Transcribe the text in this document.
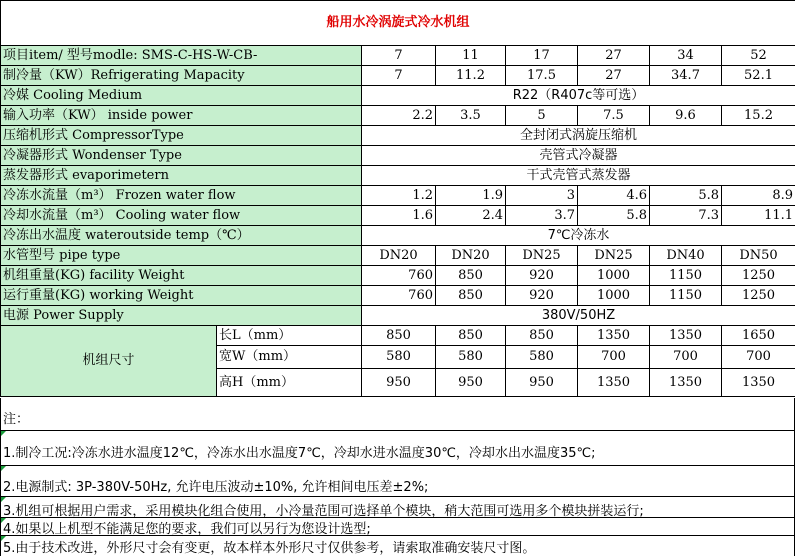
船用水冷涡旋式冷水机组							
项目item/ 型号modle: SMS-C-HS-W-CB-		7	11	17	27	34	52
制冷量（KW）Refrigerating Mapacity		7	11.2	17.5	27	34.7	52.1
冷媒 Cooling Medium		R22（R407c等可选）					
输入功率（KW） inside power		2.2	3.5	5	7.5	9.6	15.2
压缩机形式 CompressorType		全封闭式涡旋压缩机					
冷凝器形式 Wondenser Type		壳管式冷凝器					
蒸发器形式 evaporimetern		干式壳管式蒸发器					
冷冻水流量（m³） Frozen water flow		1.2	1.9	3	4.6	5.8	8.9
冷却水流量（m³） Cooling water flow		1.6	2.4	3.7	5.8	7.3	11.1
冷冻出水温度 wateroutside temp（℃）		7℃冷冻水					
水管型号 pipe type		DN20	DN20	DN25	DN25	DN40	DN50
机组重量(KG) facility Weight		760	850	920	1000	1150	1250
运行重量(KG) working Weight		760	850	920	1000	1150	1250
电源 Power Supply		380V/50HZ					
机组尺寸	长L（mm）	850	850	850	1350	1350	1650
	宽W（mm）	580	580	580	700	700	700
	高H（mm）	950	950	950	1350	1350	1350
注：
1.制冷工况:冷冻水进水温度12℃，冷冻水出水温度7℃，冷却水进水温度30℃，冷却水出水温度35℃;
2.电源制式: 3P-380V-50Hz, 允许电压波动±10%, 允许相间电压差±2%;
3.机组可根据用户需求，采用模块化组合使用，小冷量范围可选择单个模块，稍大范围可选用多个模块拼装运行;
4.如果以上机型不能满足您的要求，我们可以另行为您设计选型;
5.由于技术改进，外形尺寸会有变更，故本样本外形尺寸仅供参考，请索取准确安装尺寸图。
